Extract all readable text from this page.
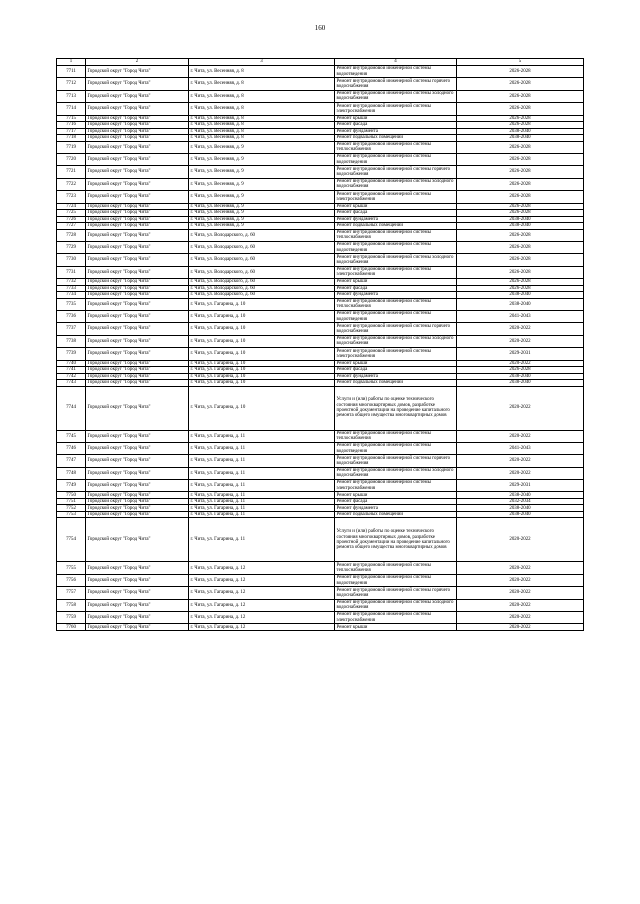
160
1	2	3	4	5
7711	Городской округ "Город Чита"	г. Чита, ул. Весенняя, д. 8	Ремонт внутридомовой инженерной системы водоотведения	2026-2028
7712	Городской округ "Город Чита"	г. Чита, ул. Весенняя, д. 8	Ремонт внутридомовой инженерной системы горячего водоснабжения	2026-2028
7713	Городской округ "Город Чита"	г. Чита, ул. Весенняя, д. 8	Ремонт внутридомовой инженерной системы холодного водоснабжения	2026-2028
7714	Городской округ "Город Чита"	г. Чита, ул. Весенняя, д. 8	Ремонт внутридомовой инженерной системы электроснабжения	2026-2028
7715	Городской округ "Город Чита"	г. Чита, ул. Весенняя, д. 8	Ремонт крыши	2026-2028
7716	Городской округ "Город Чита"	г. Чита, ул. Весенняя, д. 8	Ремонт фасада	2026-2028
7717	Городской округ "Город Чита"	г. Чита, ул. Весенняя, д. 8	Ремонт фундамента	2038-2040
7718	Городской округ "Город Чита"	г. Чита, ул. Весенняя, д. 8	Ремонт подвальных помещений	2038-2040
7719	Городской округ "Город Чита"	г. Чита, ул. Весенняя, д. 9	Ремонт внутридомовой инженерной системы теплоснабжения	2026-2028
7720	Городской округ "Город Чита"	г. Чита, ул. Весенняя, д. 9	Ремонт внутридомовой инженерной системы водоотведения	2026-2028
7721	Городской округ "Город Чита"	г. Чита, ул. Весенняя, д. 9	Ремонт внутридомовой инженерной системы горячего водоснабжения	2026-2028
7722	Городской округ "Город Чита"	г. Чита, ул. Весенняя, д. 9	Ремонт внутридомовой инженерной системы холодного водоснабжения	2026-2028
7723	Городской округ "Город Чита"	г. Чита, ул. Весенняя, д. 9	Ремонт внутридомовой инженерной системы электроснабжения	2026-2028
7724	Городской округ "Город Чита"	г. Чита, ул. Весенняя, д. 9	Ремонт крыши	2026-2028
7725	Городской округ "Город Чита"	г. Чита, ул. Весенняя, д. 9	Ремонт фасада	2026-2028
7726	Городской округ "Город Чита"	г. Чита, ул. Весенняя, д. 9	Ремонт фундамента	2038-2040
7727	Городской округ "Город Чита"	г. Чита, ул. Весенняя, д. 9	Ремонт подвальных помещений	2038-2040
7728	Городской округ "Город Чита"	г. Чита, ул. Володарского, д. 60	Ремонт внутридомовой инженерной системы теплоснабжения	2026-2028
7729	Городской округ "Город Чита"	г. Чита, ул. Володарского, д. 60	Ремонт внутридомовой инженерной системы водоотведения	2026-2028
7730	Городской округ "Город Чита"	г. Чита, ул. Володарского, д. 60	Ремонт внутридомовой инженерной системы холодного водоснабжения	2026-2028
7731	Городской округ "Город Чита"	г. Чита, ул. Володарского, д. 60	Ремонт внутридомовой инженерной системы электроснабжения	2026-2028
7732	Городской округ "Город Чита"	г. Чита, ул. Володарского, д. 60	Ремонт крыши	2026-2028
7733	Городской округ "Город Чита"	г. Чита, ул. Володарского, д. 60	Ремонт фасада	2026-2028
7734	Городской округ "Город Чита"	г. Чита, ул. Володарского, д. 60	Ремонт фундамента	2038-2040
7735	Городской округ "Город Чита"	г. Чита, ул. Гагарина, д. 10	Ремонт внутридомовой инженерной системы теплоснабжения	2038-2040
7736	Городской округ "Город Чита"	г. Чита, ул. Гагарина, д. 10	Ремонт внутридомовой инженерной системы водоотведения	2041-2043
7737	Городской округ "Город Чита"	г. Чита, ул. Гагарина, д. 10	Ремонт внутридомовой инженерной системы горячего водоснабжения	2020-2022
7738	Городской округ "Город Чита"	г. Чита, ул. Гагарина, д. 10	Ремонт внутридомовой инженерной системы холодного водоснабжения	2020-2022
7739	Городской округ "Город Чита"	г. Чита, ул. Гагарина, д. 10	Ремонт внутридомовой инженерной системы электроснабжения	2029-2031
7740	Городской округ "Город Чита"	г. Чита, ул. Гагарина, д. 10	Ремонт крыши	2020-2022
7741	Городской округ "Город Чита"	г. Чита, ул. Гагарина, д. 10	Ремонт фасада	2026-2028
7742	Городской округ "Город Чита"	г. Чита, ул. Гагарина, д. 10	Ремонт фундамента	2038-2040
7743	Городской округ "Город Чита"	г. Чита, ул. Гагарина, д. 10	Ремонт подвальных помещений	2038-2040
7744	Городской округ "Город Чита"	г. Чита, ул. Гагарина, д. 10	Услуги и (или) работы по оценке технического состояния многоквартирных домов, разработке проектной документации на проведение капитального ремонта общего имущества многоквартирных домов	2020-2022
7745	Городской округ "Город Чита"	г. Чита, ул. Гагарина, д. 11	Ремонт внутридомовой инженерной системы теплоснабжения	2020-2022
7746	Городской округ "Город Чита"	г. Чита, ул. Гагарина, д. 11	Ремонт внутридомовой инженерной системы водоотведения	2041-2043
7747	Городской округ "Город Чита"	г. Чита, ул. Гагарина, д. 11	Ремонт внутридомовой инженерной системы горячего водоснабжения	2020-2022
7748	Городской округ "Город Чита"	г. Чита, ул. Гагарина, д. 11	Ремонт внутридомовой инженерной системы холодного водоснабжения	2020-2022
7749	Городской округ "Город Чита"	г. Чита, ул. Гагарина, д. 11	Ремонт внутридомовой инженерной системы электроснабжения	2029-2031
7750	Городской округ "Город Чита"	г. Чита, ул. Гагарина, д. 11	Ремонт крыши	2038-2040
7751	Городской округ "Город Чита"	г. Чита, ул. Гагарина, д. 11	Ремонт фасада	2032-2034
7752	Городской округ "Город Чита"	г. Чита, ул. Гагарина, д. 11	Ремонт фундамента	2038-2040
7753	Городской округ "Город Чита"	г. Чита, ул. Гагарина, д. 11	Ремонт подвальных помещений	2038-2040
7754	Городской округ "Город Чита"	г. Чита, ул. Гагарина, д. 11	Услуги и (или) работы по оценке технического состояния многоквартирных домов, разработке проектной документации на проведение капитального ремонта общего имущества многоквартирных домов	2020-2022
7755	Городской округ "Город Чита"	г. Чита, ул. Гагарина, д. 12	Ремонт внутридомовой инженерной системы теплоснабжения	2020-2022
7756	Городской округ "Город Чита"	г. Чита, ул. Гагарина, д. 12	Ремонт внутридомовой инженерной системы водоотведения	2020-2022
7757	Городской округ "Город Чита"	г. Чита, ул. Гагарина, д. 12	Ремонт внутридомовой инженерной системы горячего водоснабжения	2020-2022
7758	Городской округ "Город Чита"	г. Чита, ул. Гагарина, д. 12	Ремонт внутридомовой инженерной системы холодного водоснабжения	2020-2022
7759	Городской округ "Город Чита"	г. Чита, ул. Гагарина, д. 12	Ремонт внутридомовой инженерной системы электроснабжения	2020-2022
7760	Городской округ "Город Чита"	г. Чита, ул. Гагарина, д. 12	Ремонт крыши	2020-2022
